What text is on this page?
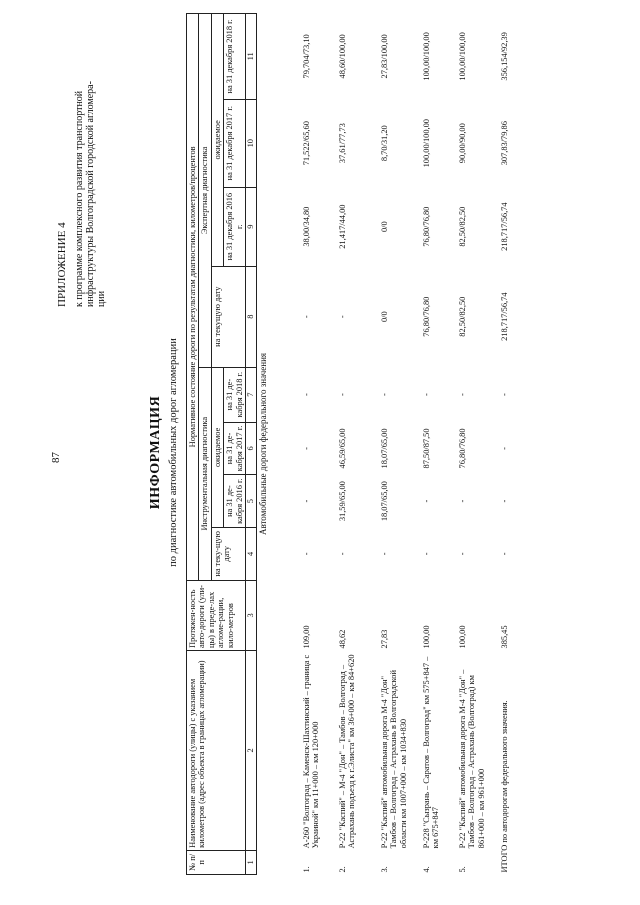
87
ПРИЛОЖЕНИЕ 4 к программе комплексного развития транспортной инфраструктуры Волгоградской городской агломера- ции
ИНФОРМАЦИЯ по диагностике автомобильных дорог агломерации
№ п/п	Наименование автодороги (улицы) с указанием километров (адрес объекта в границах агломерации)	Протяжен-ность авто-дороги (ули-цы) в преде-лах агломе-рации, кило-метров	Нормативное состояние дороги по результатам диагностики, километров/процентов							
			Инструментальная диагностика				Экспертная диагностика			
			на теку-щую дату	ожидаемое			на текущую дату	ожидаемое		
				на 31 де-кабря 2016 г.	на 31 де-кабря 2017 г.	на 31 де-кабря 2018 г.		на 31 декабря 2016 г.	на 31 декабря 2017 г.	на 31 декабря 2018 г.
1	2	3	4	5	6	7	8	9	10	11
Автомобильные дороги федерального значения										
1.	А-260 "Волгоград – Каменск-Шахтинский – граница с Украиной" км 11+000 – км 120+000	109,00	-	-	-	-	-	38,00/34,80	71,522/65,60	79,704/73,10
2.	Р-22 "Каспий" – М-4 "Дон" – Тамбов – Волгоград – Астрахань подъезд к г.Элиста" км 36+000 – км 84+620	48,62	-	31,59/65,00	46,59/65,00	-	-	21,417/44,00	37,61/77,73	48,60/100,00
3.	Р-22 "Каспий" автомобильная дорога М-4 "Дон" Тамбов – Волгоград – Астрахань в Волгоградской области км 1007+000 – км 1034+830	27,83	-	18,07/65,00	18,07/65,00	-	0/0	0/0	8,70/31,20	27,83/100,00
4.	Р-228 "Сызрань – Саратов – Волгоград" км 575+847 – км 675+847	100,00	-	-	87,50/87,50	-	76,80/76,80	76,80/76,80	100,00/100,00	100,00/100,00
5.	Р-22 "Каспий" автомобильная дорога М-4 "Дон" – Тамбов – Волгоград – Астрахань (Волгоград) км 861+000 – км 961+000	100,00	-	-	76,80/76,80	-	82,50/82,50	82,50/82,50	90,00/90,00	100,00/100,00
ИТОГО по автодорогам федерального значения.		385,45	-	-	-	-	218,717/56,74	218,717/56,74	307,83/79,86	356,154/92,39
